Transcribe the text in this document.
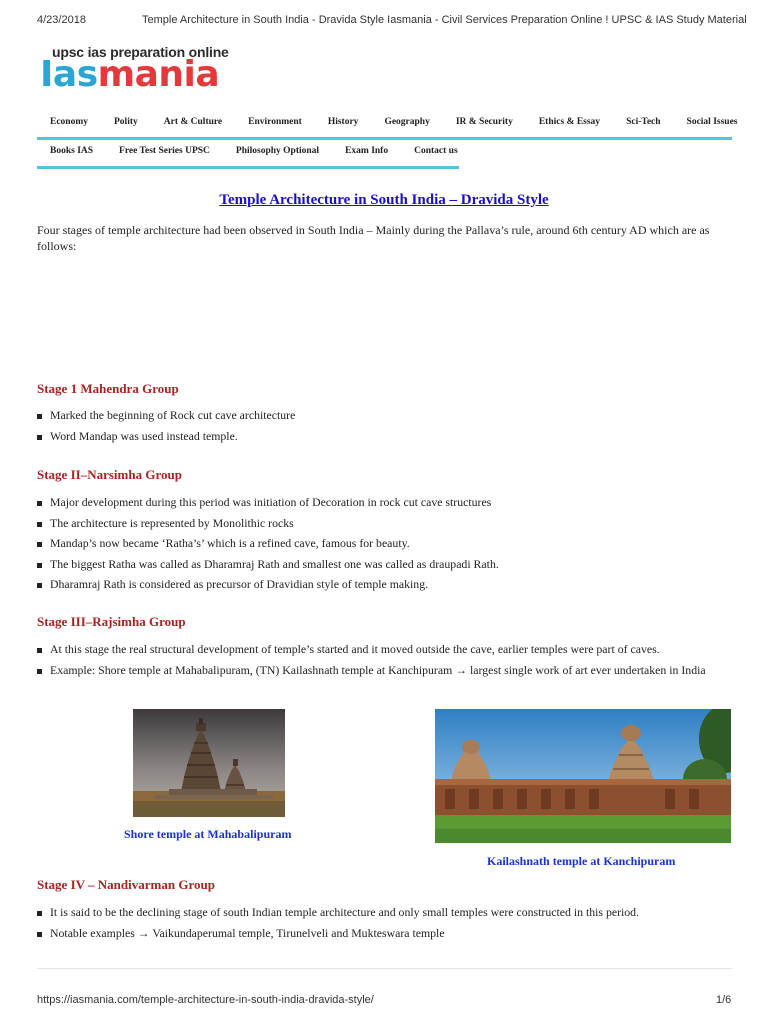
4/23/2018	Temple Architecture in South India - Dravida Style Iasmania - Civil Services Preparation Online ! UPSC & IAS Study Material
upsc ias preparation online
Iasmania
Economy	Polity	Art & Culture	Environment	History	Geography	IR & Security	Ethics & Essay	Sci-Tech	Social Issues
Books IAS	Free Test Series UPSC	Philosophy Optional	Exam Info	Contact us
Temple Architecture in South India – Dravida Style
Four stages of temple architecture had been observed in South India – Mainly during the Pallava’s rule, around 6th century AD which are as follows:
Stage 1 Mahendra Group
Marked the beginning of Rock cut cave architecture
Word Mandap was used instead temple.
Stage II–Narsimha Group
Major development during this period was initiation of Decoration in rock cut cave structures
The architecture is represented by Monolithic rocks
Mandap’s now became ‘Ratha’s’ which is a refined cave, famous for beauty.
The biggest Ratha was called as Dharamraj Rath and smallest one was called as draupadi Rath.
Dharamraj Rath is considered as precursor of Dravidian style of temple making.
Stage III–Rajsimha Group
At this stage the real structural development of temple’s started and it moved outside the cave, earlier temples were part of caves.
Example: Shore temple at Mahabalipuram, (TN) Kailashnath temple at Kanchipuram → largest single work of art ever undertaken in India
Shore temple at Mahabalipuram
Kailashnath temple at Kanchipuram
Stage IV – Nandivarman Group
It is said to be the declining stage of south Indian temple architecture and only small temples were constructed in this period.
Notable examples → Vaikundaperumal temple, Tirunelveli and Mukteswara temple
https://iasmania.com/temple-architecture-in-south-india-dravida-style/	1/6
